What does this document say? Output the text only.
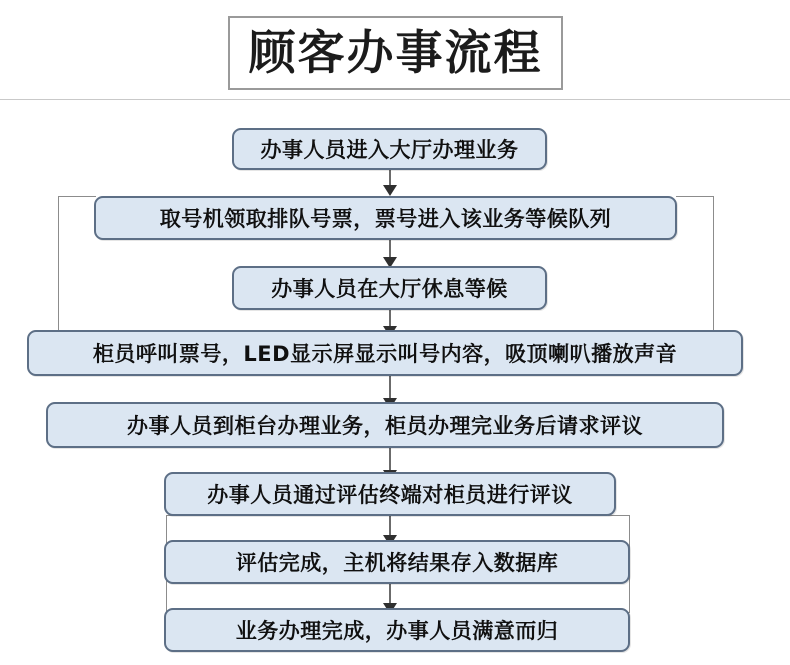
顾客办事流程
办事人员进入大厅办理业务
取号机领取排队号票，票号进入该业务等候队列
办事人员在大厅休息等候
柜员呼叫票号，LED显示屏显示叫号内容，吸顶喇叭播放声音
办事人员到柜台办理业务，柜员办理完业务后请求评议
办事人员通过评估终端对柜员进行评议
评估完成，主机将结果存入数据库
业务办理完成，办事人员满意而归
